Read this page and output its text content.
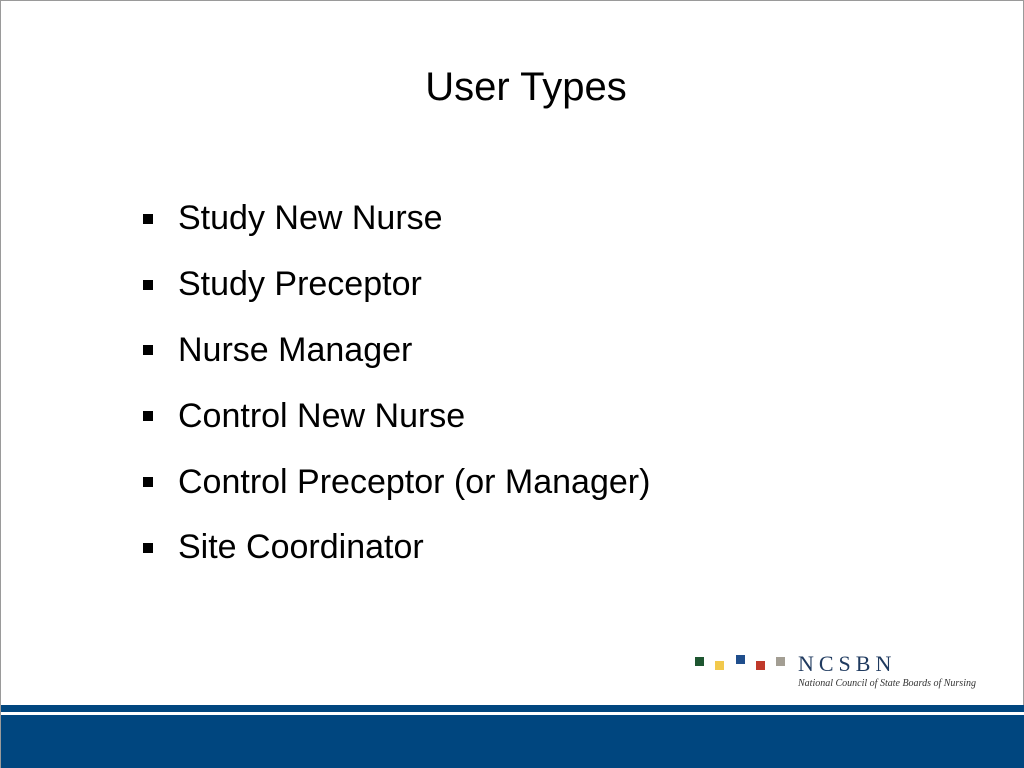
User Types
Study New Nurse
Study Preceptor
Nurse Manager
Control New Nurse
Control Preceptor (or Manager)
Site Coordinator
NCSBN
National Council of State Boards of Nursing
